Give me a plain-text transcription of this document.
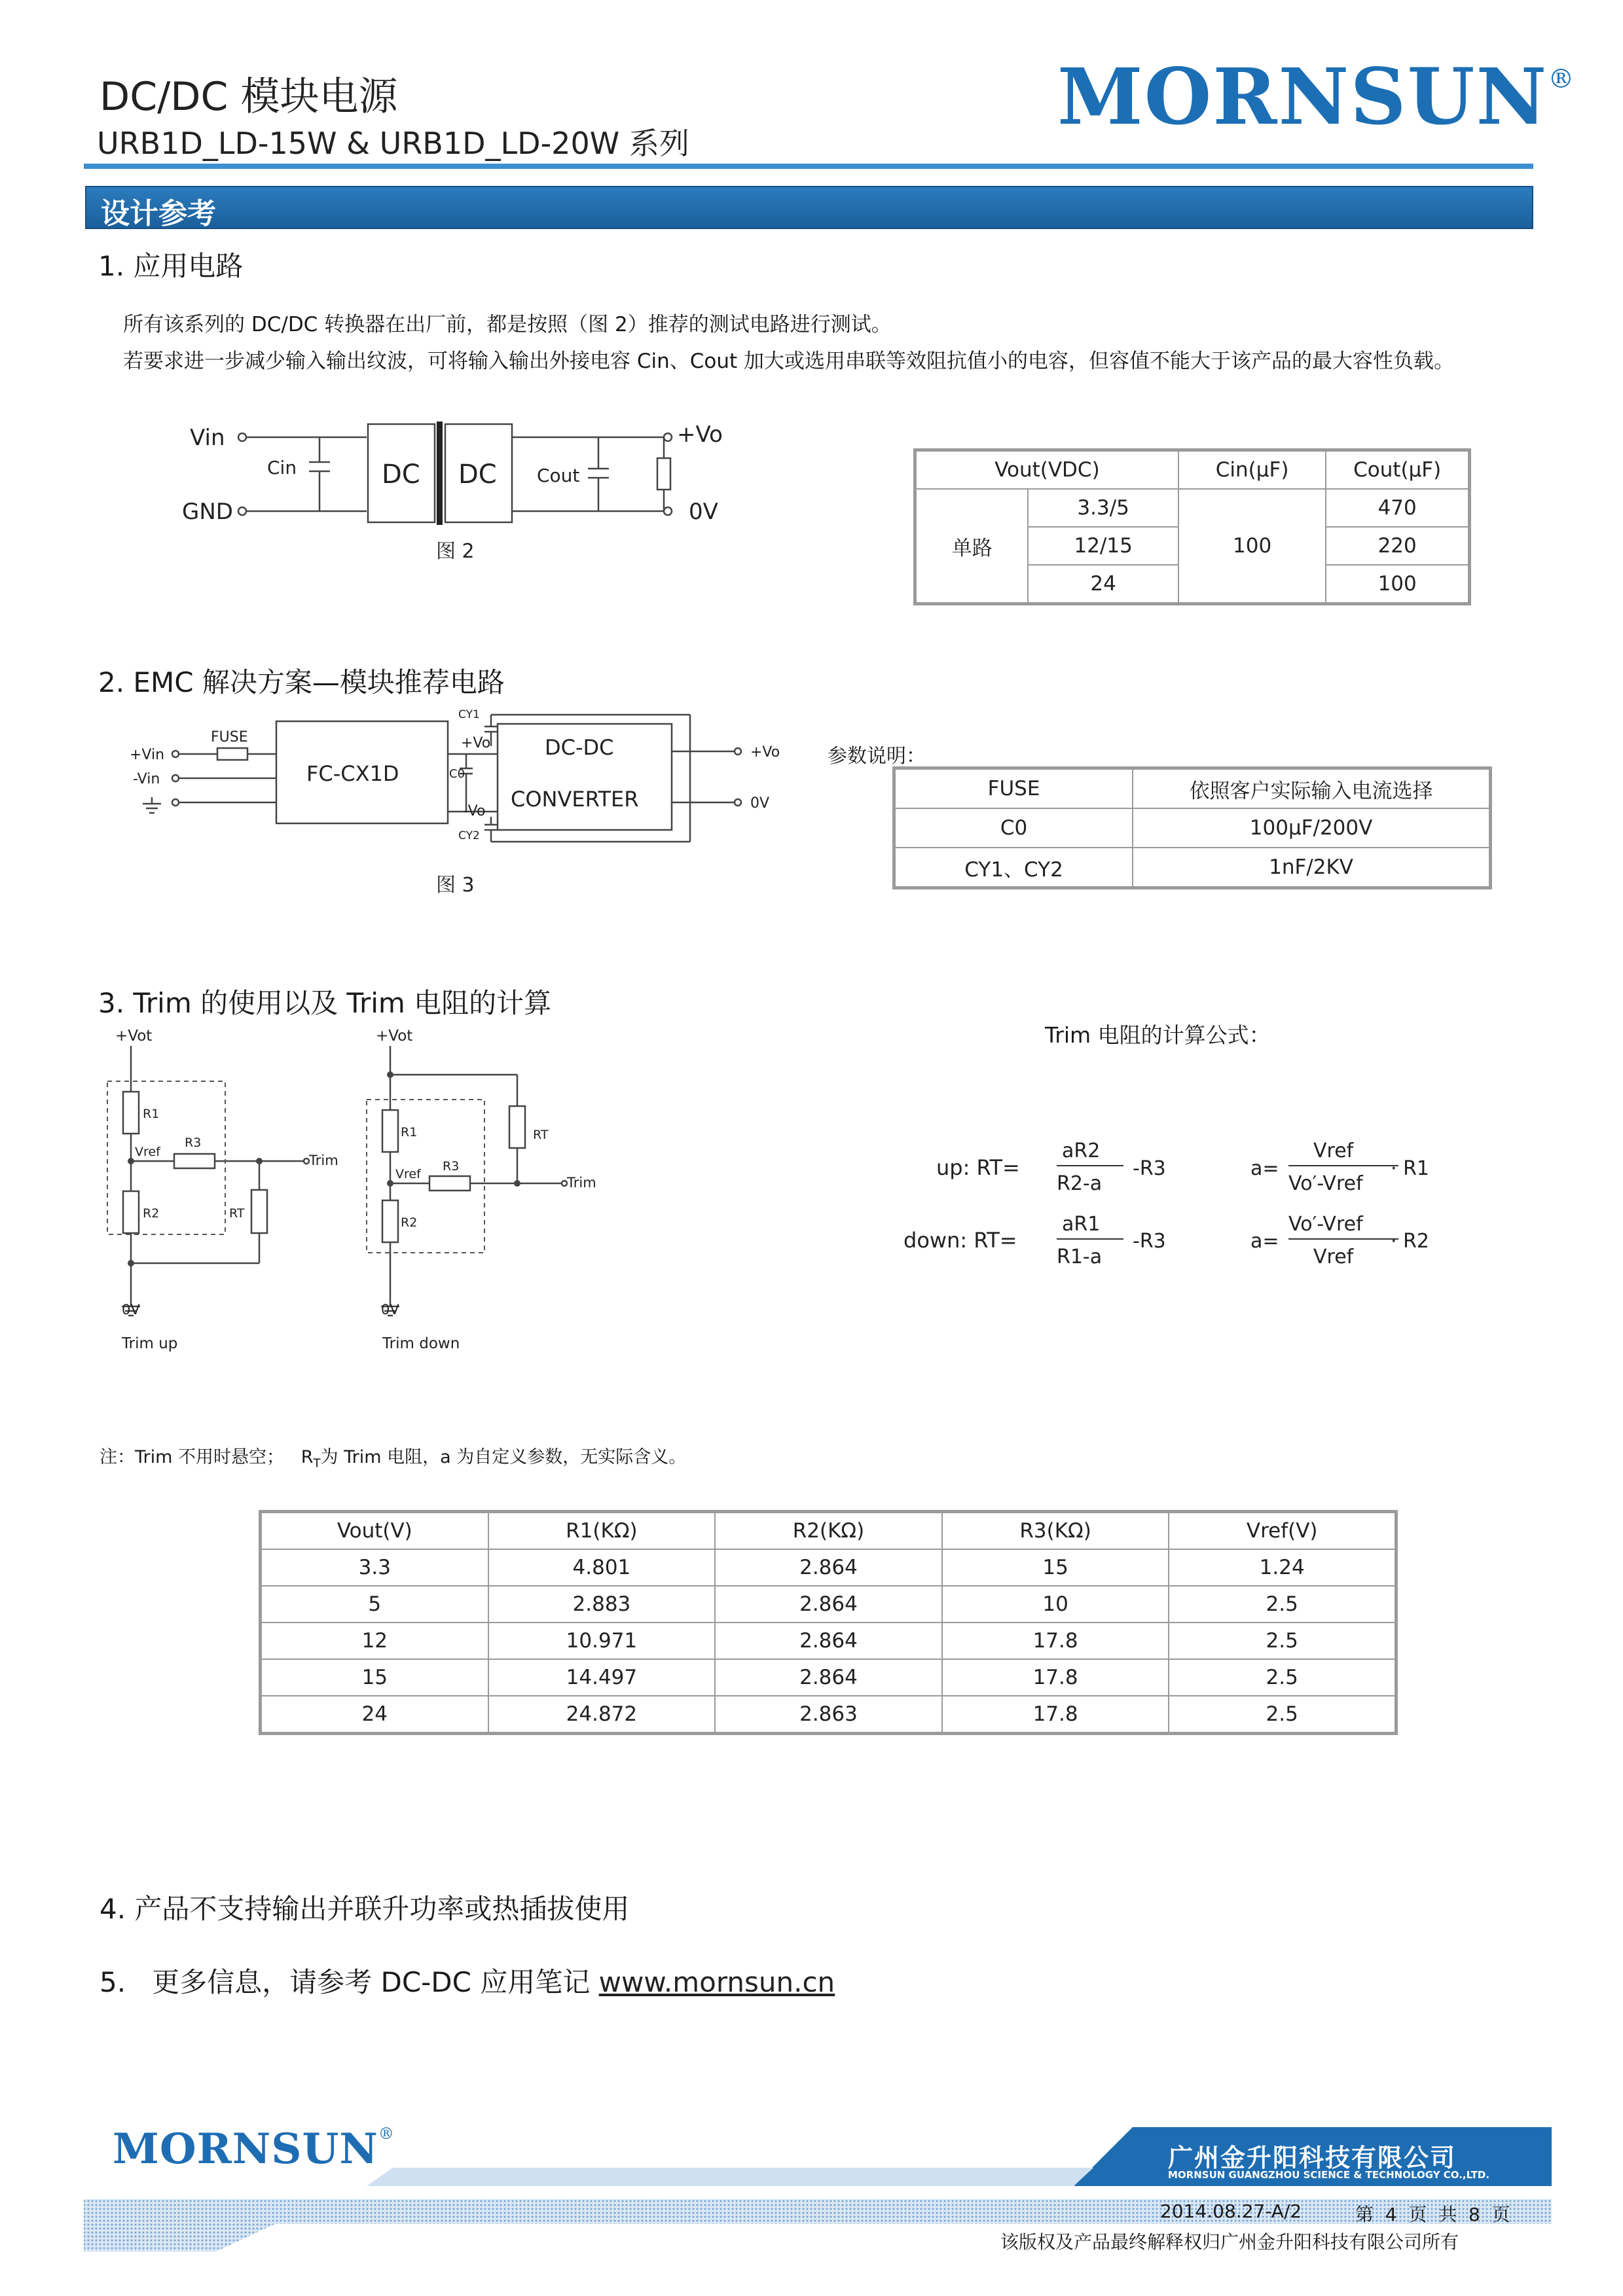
DC/DC 模块电源
URB1D_LD-15W & URB1D_LD-20W 系列
MORNSUN®
设计参考
1. 应用电路
所有该系列的 DC/DC 转换器在出厂前，都是按照（图 2）推荐的测试电路进行测试。
若要求进一步减少输入输出纹波，可将输入输出外接电容 Cin、Cout 加大或选用串联等效阻抗值小的电容，但容值不能大于该产品的最大容性负载。
Vin
GND
Cin	DC DC Cout
+Vo
0V
图 2
Vout(VDC)		Cin(μF)	Cout(μF)
单路	3.3/5	100	470
	12/15		220
	24		100
2. EMC 解决方案—模块推荐电路
FUSE
+Vin
-Vin	FC-CX1D
CY1
CY2
C0
+Vo
-Vo
DC-DC
CONVERTER
+Vo
0V
图 3
参数说明：
FUSE	依照客户实际输入电流选择
C0	100μF/200V
CY1、CY2	1nF/2KV
3. Trim 的使用以及 Trim 电阻的计算
+Vot
R1
Vref
R3
Trim
R2	RT
0V
Trim up
+Vot
RT
R1
Vref
R3
Trim
R2
0V
Trim down
Trim 电阻的计算公式：
up: RT=
aR2
R2-a
-R3
down: RT=
aR1
R1-a
-R3
a=
Vref
Vo′-Vref
· R1
a=
Vo′-Vref
Vref
· R2
注：Trim 不用时悬空； $R_T$为 Trim 电阻，a 为自定义参数，无实际含义。
Vout(V)	R1(KΩ)	R2(KΩ)	R3(KΩ)	Vref(V)
3.3	4.801	2.864	15	1.24
5	2.883	2.864	10	2.5
12	10.971	2.864	17.8	2.5
15	14.497	2.864	17.8	2.5
24	24.872	2.863	17.8	2.5
4. 产品不支持输出并联升功率或热插拔使用
5.   更多信息，请参考 DC-DC 应用笔记 www.mornsun.cn
MORNSUN®
广州金升阳科技有限公司
MORNSUN GUANGZHOU SCIENCE & TECHNOLOGY CO.,LTD.
2014.08.27-A/2	第  4  页  共  8  页
该版权及产品最终解释权归广州金升阳科技有限公司所有
